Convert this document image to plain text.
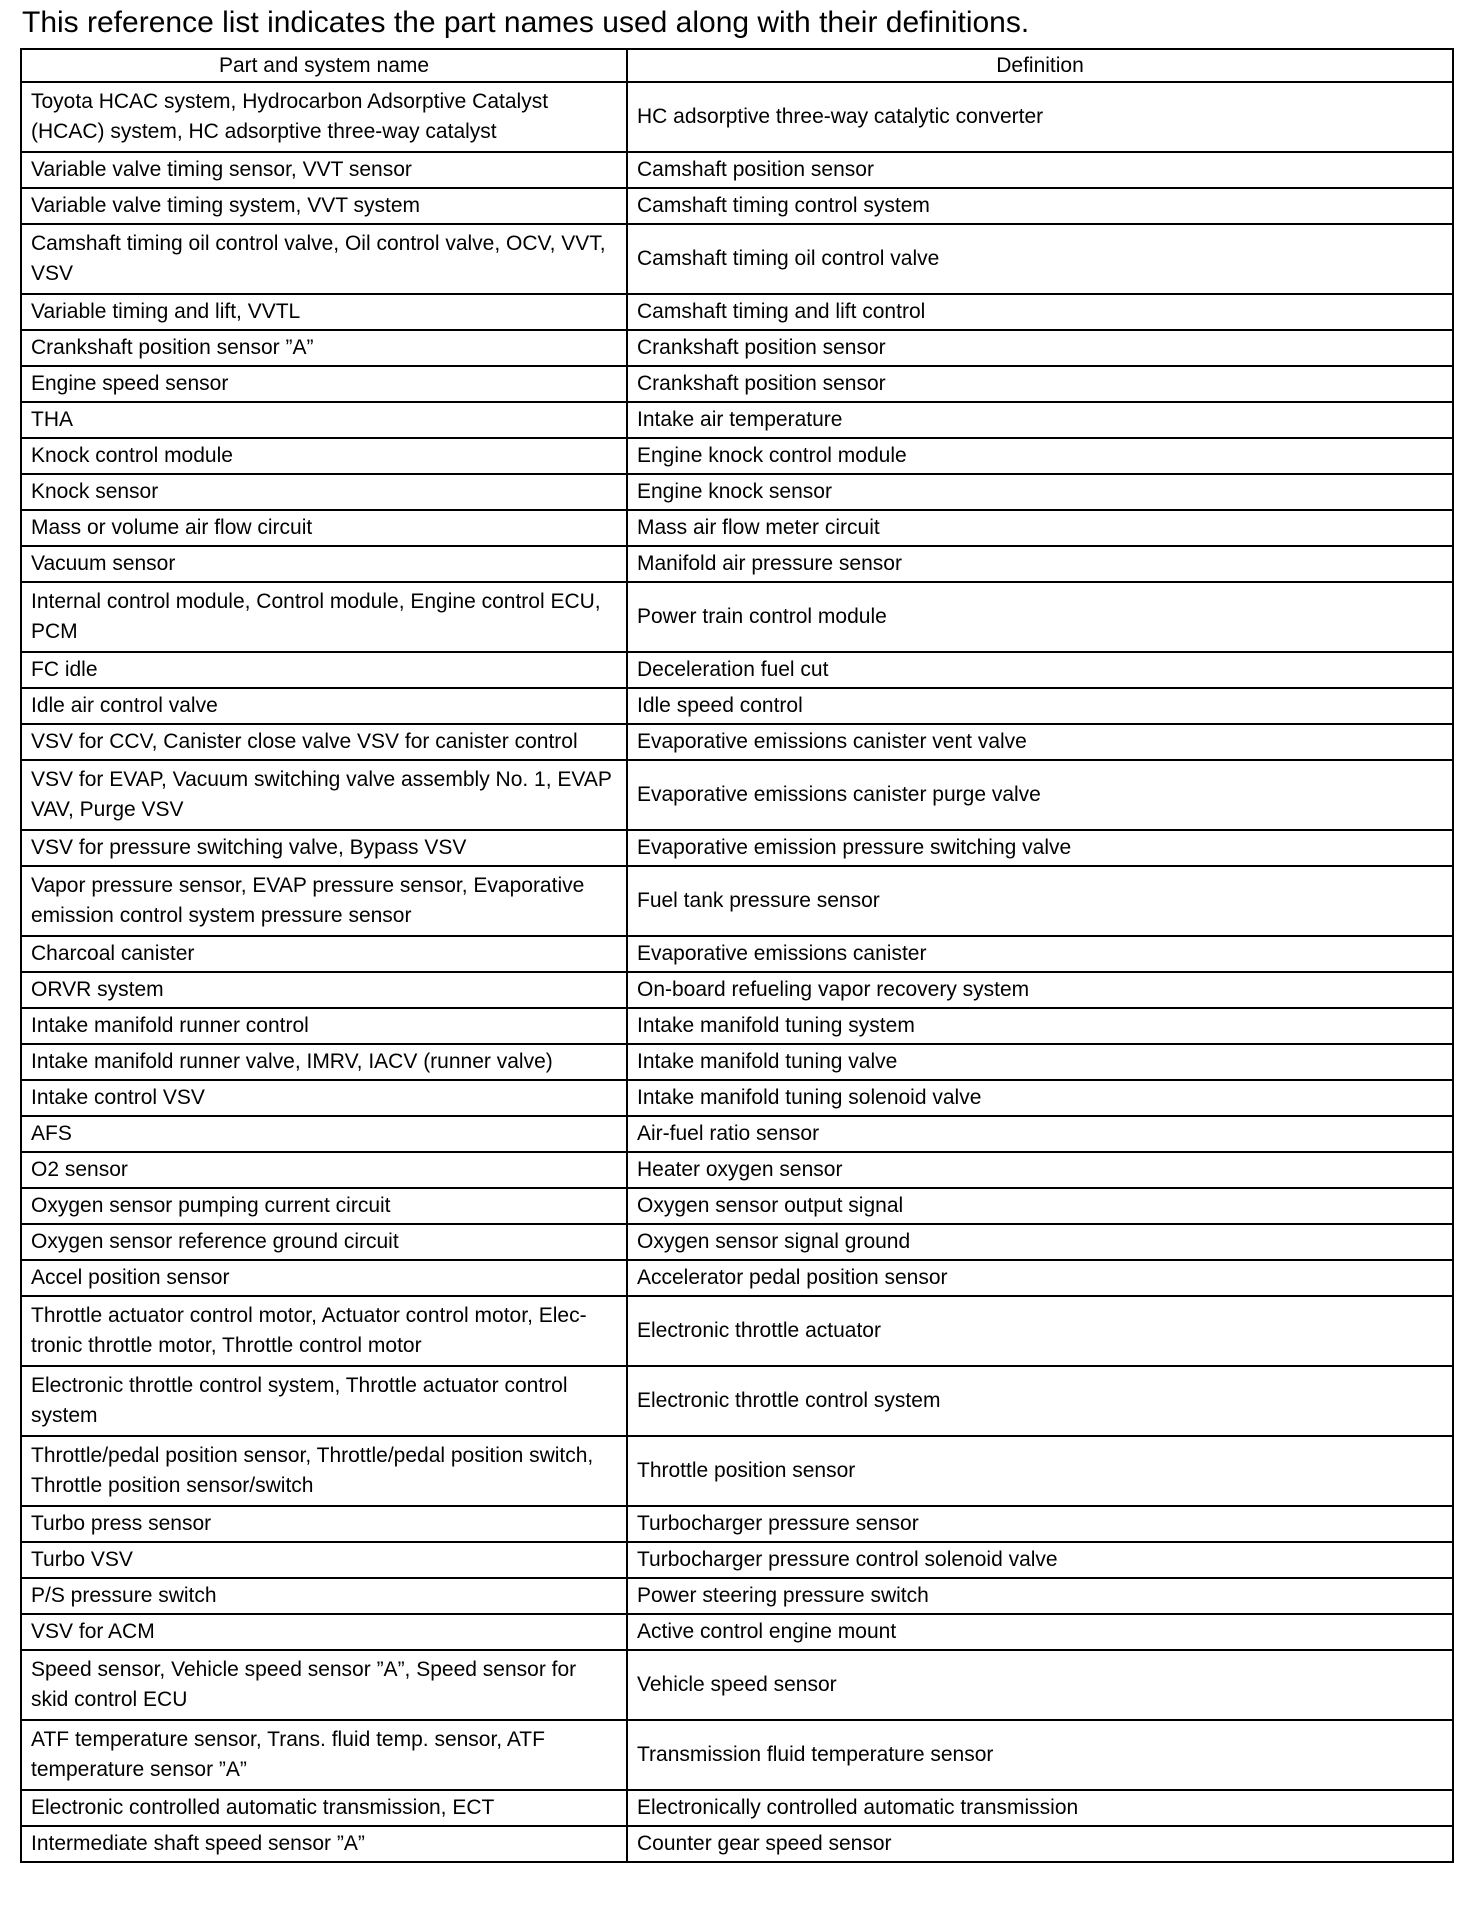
This reference list indicates the part names used along with their definitions.
Part and system name	Definition
Toyota HCAC system, Hydrocarbon Adsorptive Catalyst (HCAC) system, HC adsorptive three-way catalyst	HC adsorptive three-way catalytic converter
Variable valve timing sensor, VVT sensor	Camshaft position sensor
Variable valve timing system, VVT system	Camshaft timing control system
Camshaft timing oil control valve, Oil control valve, OCV, VVT, VSV	Camshaft timing oil control valve
Variable timing and lift, VVTL	Camshaft timing and lift control
Crankshaft position sensor ”A”	Crankshaft position sensor
Engine speed sensor	Crankshaft position sensor
THA	Intake air temperature
Knock control module	Engine knock control module
Knock sensor	Engine knock sensor
Mass or volume air flow circuit	Mass air flow meter circuit
Vacuum sensor	Manifold air pressure sensor
Internal control module, Control module, Engine control ECU, PCM	Power train control module
FC idle	Deceleration fuel cut
Idle air control valve	Idle speed control
VSV for CCV, Canister close valve VSV for canister control	Evaporative emissions canister vent valve
VSV for EVAP, Vacuum switching valve assembly No. 1, EVAP VAV, Purge VSV	Evaporative emissions canister purge valve
VSV for pressure switching valve, Bypass VSV	Evaporative emission pressure switching valve
Vapor pressure sensor, EVAP pressure sensor, Evaporative emission control system pressure sensor	Fuel tank pressure sensor
Charcoal canister	Evaporative emissions canister
ORVR system	On-board refueling vapor recovery system
Intake manifold runner control	Intake manifold tuning system
Intake manifold runner valve, IMRV, IACV (runner valve)	Intake manifold tuning valve
Intake control VSV	Intake manifold tuning solenoid valve
AFS	Air-fuel ratio sensor
O2 sensor	Heater oxygen sensor
Oxygen sensor pumping current circuit	Oxygen sensor output signal
Oxygen sensor reference ground circuit	Oxygen sensor signal ground
Accel position sensor	Accelerator pedal position sensor
Throttle actuator control motor, Actuator control motor, Elec-tronic throttle motor, Throttle control motor	Electronic throttle actuator
Electronic throttle control system, Throttle actuator control system	Electronic throttle control system
Throttle/pedal position sensor, Throttle/pedal position switch, Throttle position sensor/switch	Throttle position sensor
Turbo press sensor	Turbocharger pressure sensor
Turbo VSV	Turbocharger pressure control solenoid valve
P/S pressure switch	Power steering pressure switch
VSV for ACM	Active control engine mount
Speed sensor, Vehicle speed sensor ”A”, Speed sensor for skid control ECU	Vehicle speed sensor
ATF temperature sensor, Trans. fluid temp. sensor, ATF temperature sensor ”A”	Transmission fluid temperature sensor
Electronic controlled automatic transmission, ECT	Electronically controlled automatic transmission
Intermediate shaft speed sensor ”A”	Counter gear speed sensor
